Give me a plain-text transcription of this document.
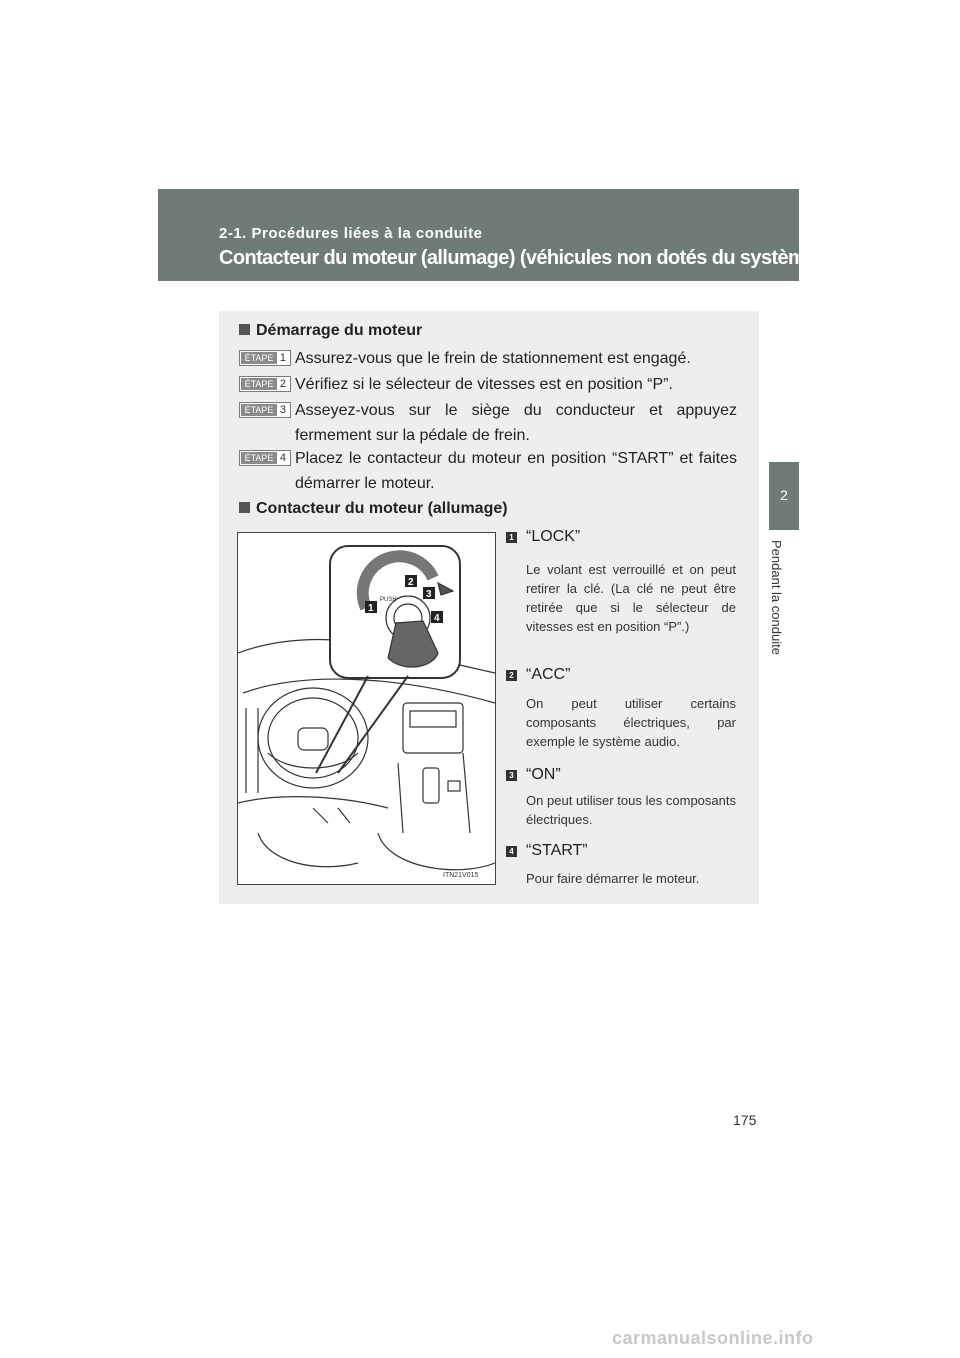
2-1. Procédures liées à la conduite
Contacteur du moteur (allumage) (véhicules non dotés du système Smart key)
2
Pendant la conduite
Démarrage du moteur
ÉTAPE 1 Assurez-vous que le frein de stationnement est engagé.
ÉTAPE 2 Vérifiez si le sélecteur de vitesses est en position “P”.
ÉTAPE 3 Asseyez-vous sur le siège du conducteur et appuyez fermement sur la pédale de frein.
ÉTAPE 4 Placez le contacteur du moteur en position “START” et faites démarrer le moteur.
Contacteur du moteur (allumage)
PUSH
1
2
3
4
ITN21V015
1 “LOCK”
Le volant est verrouillé et on peut retirer la clé. (La clé ne peut être retirée que si le sélecteur de vitesses est en position “P”.)
2 “ACC”
On peut utiliser certains composants électriques, par exemple le système audio.
3 “ON”
On peut utiliser tous les composants électriques.
4 “START”
Pour faire démarrer le moteur.
175
carmanualsonline.info
